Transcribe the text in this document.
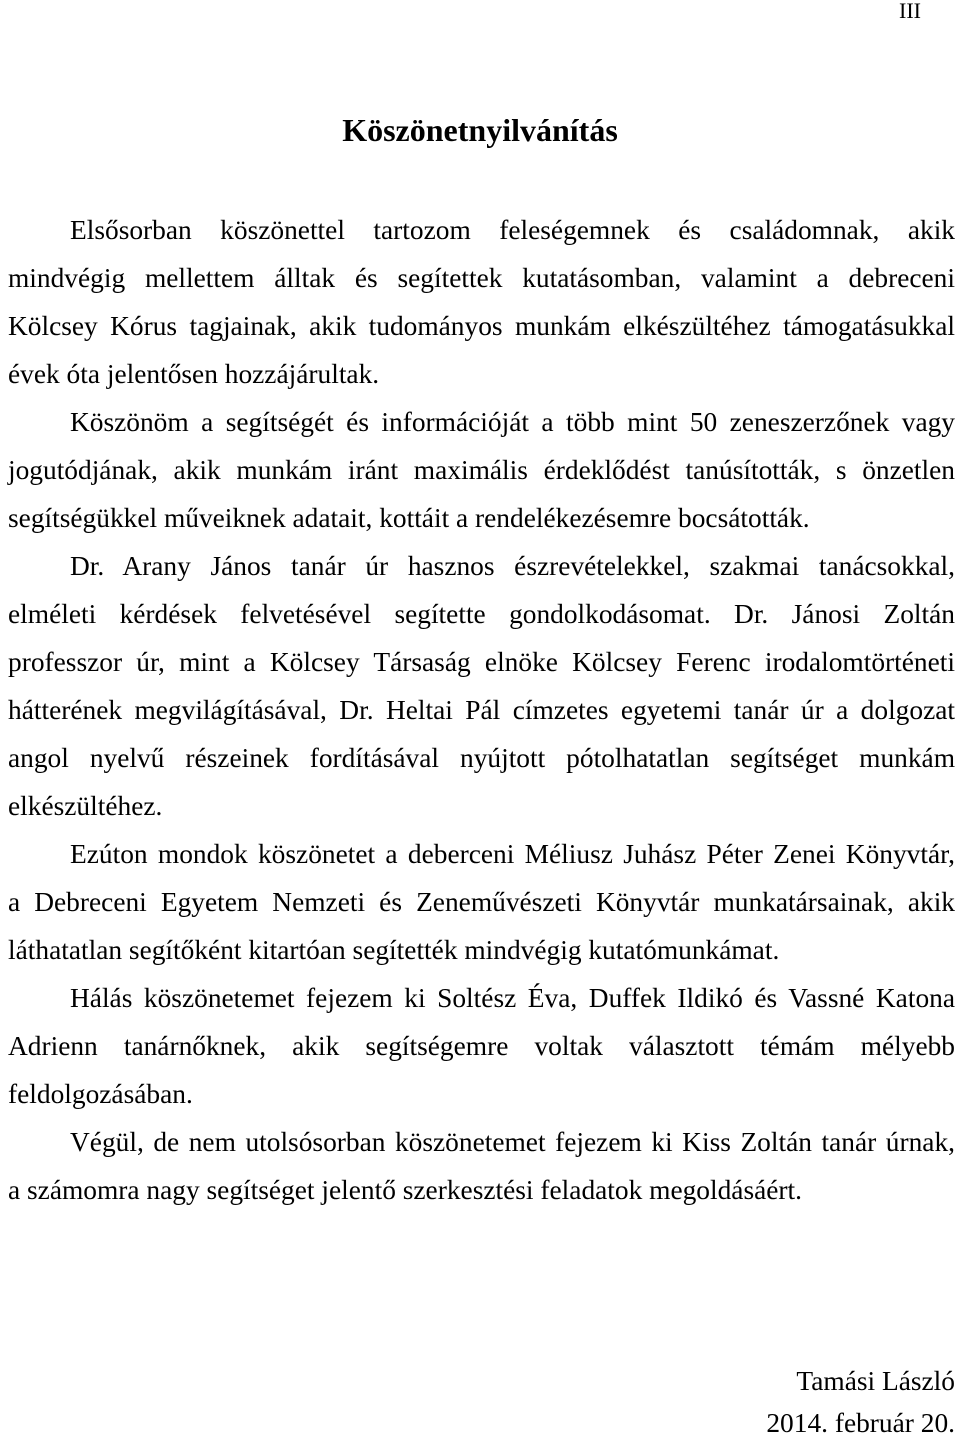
III
Köszönetnyilvánítás
Elsősorban köszönettel tartozom feleségemnek és családomnak, akik
mindvégig mellettem álltak és segítettek kutatásomban, valamint a debreceni
Kölcsey Kórus tagjainak, akik tudományos munkám elkészültéhez támogatásukkal
évek óta jelentősen hozzájárultak.
Köszönöm a segítségét és információját a több mint 50 zeneszerzőnek vagy
jogutódjának, akik munkám iránt maximális érdeklődést tanúsították, s önzetlen
segítségükkel műveiknek adatait, kottáit a rendelékezésemre bocsátották.
Dr. Arany János tanár úr hasznos észrevételekkel, szakmai tanácsokkal,
elméleti kérdések felvetésével segítette gondolkodásomat. Dr. Jánosi Zoltán
professzor úr, mint a Kölcsey Társaság elnöke Kölcsey Ferenc irodalomtörténeti
hátterének megvilágításával, Dr. Heltai Pál címzetes egyetemi tanár úr a dolgozat
angol nyelvű részeinek fordításával nyújtott pótolhatatlan segítséget munkám
elkészültéhez.
Ezúton mondok köszönetet a deberceni Méliusz Juhász Péter Zenei Könyvtár,
a Debreceni Egyetem Nemzeti és Zeneművészeti Könyvtár munkatársainak, akik
láthatatlan segítőként kitartóan segítették mindvégig kutatómunkámat.
Hálás köszönetemet fejezem ki Soltész Éva, Duffek Ildikó és Vassné Katona
Adrienn tanárnőknek, akik segítségemre voltak választott témám mélyebb
feldolgozásában.
Végül, de nem utolsósorban köszönetemet fejezem ki Kiss Zoltán tanár úrnak,
a számomra nagy segítséget jelentő szerkesztési feladatok megoldásáért.
Tamási László
2014. február 20.
